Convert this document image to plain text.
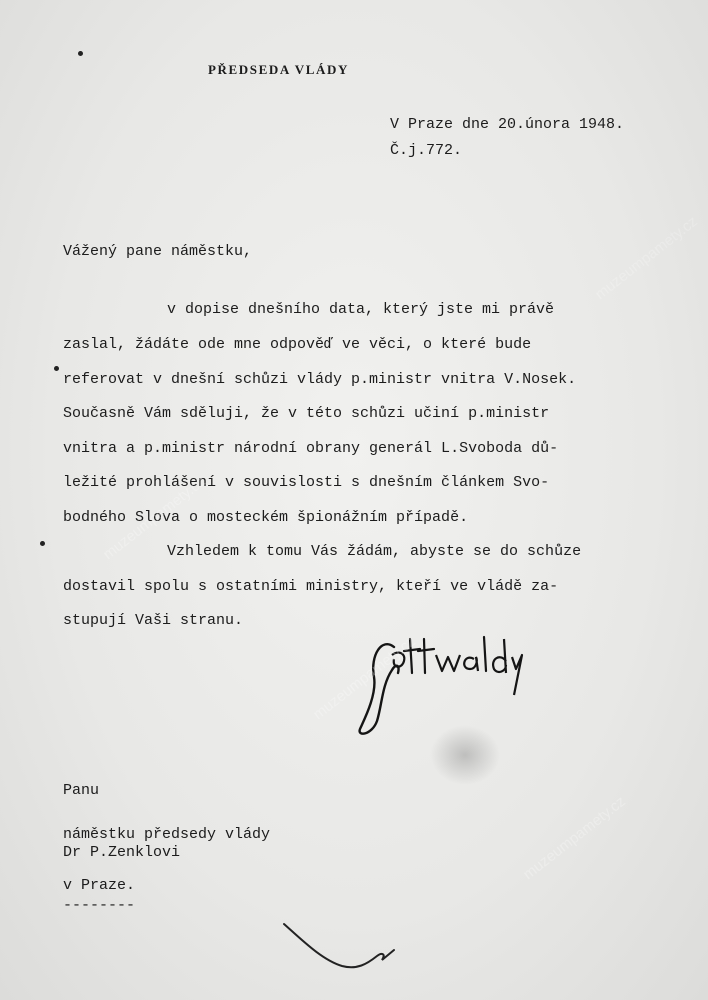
PŘEDSEDA VLÁDY
V Praze dne 20.února 1948.
Č.j.772.
Vážený pane náměstku,
v dopise dnešního data, který jste mi právě
zaslal, žádáte ode mne odpověď ve věci, o které bude
referovat v dnešní schůzi vlády p.ministr vnitra V.Nosek.
Současně Vám sděluji, že v této schůzi učiní p.ministr
vnitra a p.ministr národní obrany generál L.Svoboda dů-
ležité prohlášení v souvislosti s dnešním článkem Svo-
bodného Slova o mosteckém špionážním případě.
Vzhledem k tomu Vás žádám, abyste se do schůze
dostavil spolu s ostatními ministry, kteří ve vládě za-
stupují Vaši stranu.
Panu
náměstku předsedy vlády
Dr P.Zenklovi
v Praze.
--------
muzeumpamety.cz
muzeumpamety.cz
muzeumpamety.cz
muzeumpamety.cz
